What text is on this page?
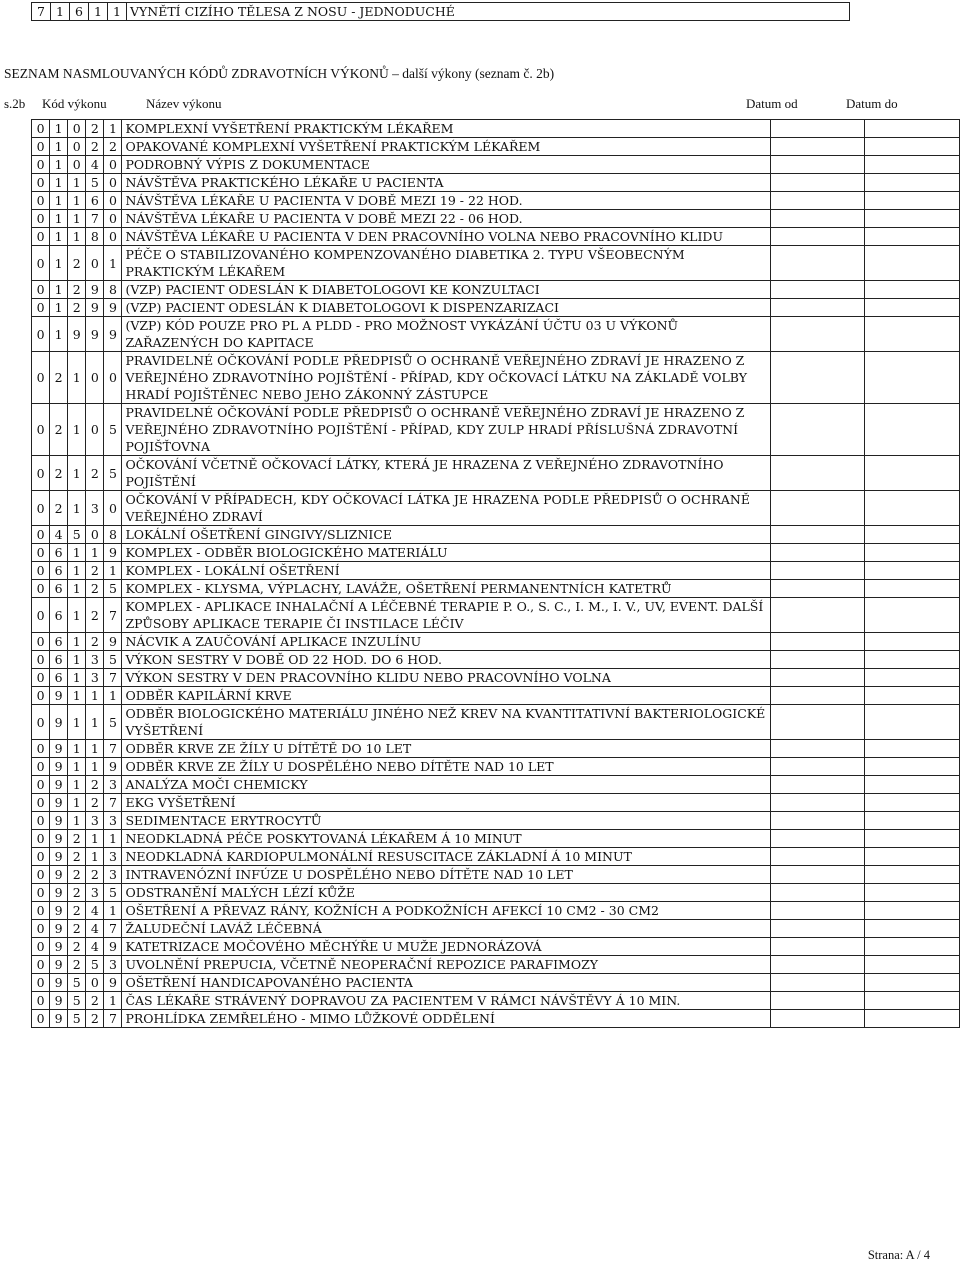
7	1	6	1	1	VYNĚTÍ CIZÍHO TĚLESA Z NOSU - JEDNODUCHÉ
SEZNAM NASMLOUVANÝCH KÓDŮ ZDRAVOTNÍCH VÝKONŮ – další výkony (seznam č. 2b)
s.2b Kód výkonu	Název výkonu	Datum od	Datum do
0	1	0	2	1	KOMPLEXNÍ VYŠETŘENÍ PRAKTICKÝM LÉKAŘEM		
0	1	0	2	2	OPAKOVANÉ KOMPLEXNÍ VYŠETŘENÍ PRAKTICKÝM LÉKAŘEM		
0	1	0	4	0	PODROBNÝ VÝPIS Z DOKUMENTACE		
0	1	1	5	0	NÁVŠTĚVA PRAKTICKÉHO LÉKAŘE U PACIENTA		
0	1	1	6	0	NÁVŠTĚVA LÉKAŘE U PACIENTA V DOBĚ MEZI 19 - 22 HOD.		
0	1	1	7	0	NÁVŠTĚVA LÉKAŘE U PACIENTA V DOBĚ MEZI 22 - 06 HOD.		
0	1	1	8	0	NÁVŠTĚVA LÉKAŘE U PACIENTA V DEN PRACOVNÍHO VOLNA NEBO PRACOVNÍHO KLIDU		
0	1	2	0	1	PÉČE O STABILIZOVANÉHO KOMPENZOVANÉHO DIABETIKA 2. TYPU VŠEOBECNÝM PRAKTICKÝM LÉKAŘEM		
0	1	2	9	8	(VZP) PACIENT ODESLÁN K DIABETOLOGOVI KE KONZULTACI		
0	1	2	9	9	(VZP) PACIENT ODESLÁN K DIABETOLOGOVI K DISPENZARIZACI		
0	1	9	9	9	(VZP) KÓD POUZE PRO PL A PLDD - PRO MOŽNOST VYKÁZÁNÍ ÚČTU 03 U VÝKONŮ ZAŘAZENÝCH DO KAPITACE		
0	2	1	0	0	PRAVIDELNÉ OČKOVÁNÍ PODLE PŘEDPISŮ O OCHRANĚ VEŘEJNÉHO ZDRAVÍ JE HRAZENO Z VEŘEJNÉHO ZDRAVOTNÍHO POJIŠTĚNÍ - PŘÍPAD, KDY OČKOVACÍ LÁTKU NA ZÁKLADĚ VOLBY HRADÍ POJIŠTĚNEC NEBO JEHO ZÁKONNÝ ZÁSTUPCE		
0	2	1	0	5	PRAVIDELNÉ OČKOVÁNÍ PODLE PŘEDPISŮ O OCHRANĚ VEŘEJNÉHO ZDRAVÍ JE HRAZENO Z VEŘEJNÉHO ZDRAVOTNÍHO POJIŠTĚNÍ - PŘÍPAD, KDY ZULP HRADÍ PŘÍSLUŠNÁ ZDRAVOTNÍ POJIŠŤOVNA		
0	2	1	2	5	OČKOVÁNÍ VČETNĚ OČKOVACÍ LÁTKY, KTERÁ JE HRAZENA Z VEŘEJNÉHO ZDRAVOTNÍHO POJIŠTĚNÍ		
0	2	1	3	0	OČKOVÁNÍ V PŘÍPADECH, KDY OČKOVACÍ LÁTKA JE HRAZENA PODLE PŘEDPISŮ O OCHRANĚ VEŘEJNÉHO ZDRAVÍ		
0	4	5	0	8	LOKÁLNÍ OŠETŘENÍ GINGIVY/SLIZNICE		
0	6	1	1	9	KOMPLEX - ODBĚR BIOLOGICKÉHO MATERIÁLU		
0	6	1	2	1	KOMPLEX - LOKÁLNÍ OŠETŘENÍ		
0	6	1	2	5	KOMPLEX - KLYSMA, VÝPLACHY, LAVÁŽE, OŠETŘENÍ PERMANENTNÍCH KATETRŮ		
0	6	1	2	7	KOMPLEX - APLIKACE INHALAČNÍ A LÉČEBNÉ TERAPIE P. O., S. C., I. M., I. V., UV, EVENT. DALŠÍ ZPŮSOBY APLIKACE TERAPIE ČI INSTILACE LÉČIV		
0	6	1	2	9	NÁCVIK A ZAUČOVÁNÍ APLIKACE INZULÍNU		
0	6	1	3	5	VÝKON SESTRY V DOBĚ OD 22 HOD. DO 6 HOD.		
0	6	1	3	7	VÝKON SESTRY V DEN PRACOVNÍHO KLIDU NEBO PRACOVNÍHO VOLNA		
0	9	1	1	1	ODBĚR KAPILÁRNÍ KRVE		
0	9	1	1	5	ODBĚR BIOLOGICKÉHO MATERIÁLU JINÉHO NEŽ KREV NA KVANTITATIVNÍ BAKTERIOLOGICKÉ VYŠETŘENÍ		
0	9	1	1	7	ODBĚR KRVE ZE ŽÍLY U DÍTĚTĚ DO 10 LET		
0	9	1	1	9	ODBĚR KRVE ZE ŽÍLY U DOSPĚLÉHO NEBO DÍTĚTE NAD 10 LET		
0	9	1	2	3	ANALÝZA MOČI CHEMICKY		
0	9	1	2	7	EKG VYŠETŘENÍ		
0	9	1	3	3	SEDIMENTACE ERYTROCYTŮ		
0	9	2	1	1	NEODKLADNÁ PÉČE POSKYTOVANÁ LÉKAŘEM Á 10 MINUT		
0	9	2	1	3	NEODKLADNÁ KARDIOPULMONÁLNÍ RESUSCITACE ZÁKLADNÍ Á 10 MINUT		
0	9	2	2	3	INTRAVENÓZNÍ INFÚZE U DOSPĚLÉHO NEBO DÍTĚTE NAD 10 LET		
0	9	2	3	5	ODSTRANĚNÍ MALÝCH LÉZÍ KŮŽE		
0	9	2	4	1	OŠETŘENÍ A PŘEVAZ RÁNY, KOŽNÍCH A PODKOŽNÍCH AFEKCÍ 10 CM2 - 30 CM2		
0	9	2	4	7	ŽALUDEČNÍ LAVÁŽ LÉČEBNÁ		
0	9	2	4	9	KATETRIZACE MOČOVÉHO MĚCHÝŘE U MUŽE JEDNORÁZOVÁ		
0	9	2	5	3	UVOLNĚNÍ PREPUCIA, VČETNĚ NEOPERAČNÍ REPOZICE PARAFIMOZY		
0	9	5	0	9	OŠETŘENÍ HANDICAPOVANÉHO PACIENTA		
0	9	5	2	1	ČAS LÉKAŘE STRÁVENÝ DOPRAVOU ZA PACIENTEM V RÁMCI NÁVŠTĚVY Á 10 MIN.		
0	9	5	2	7	PROHLÍDKA ZEMŘELÉHO - MIMO LŮŽKOVÉ ODDĚLENÍ		
Strana: A / 4
